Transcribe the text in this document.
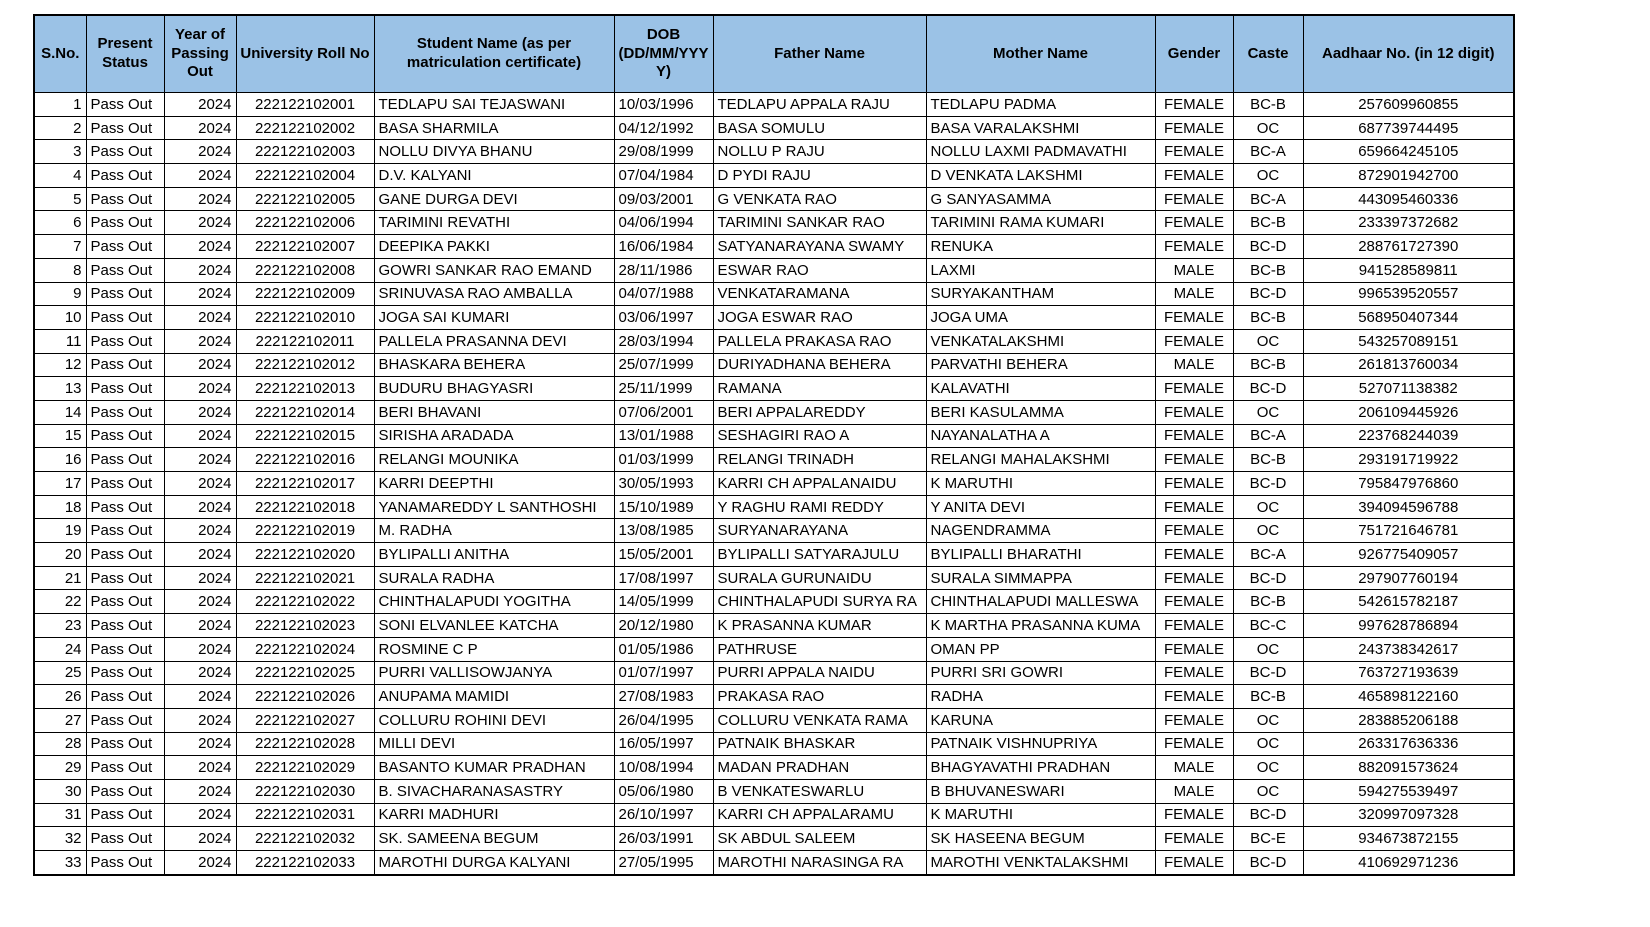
S.No.	Present Status	Year of Passing Out	University Roll No	Student Name (as per matriculation certificate)	DOB (DD/MM/YYYY)	Father Name	Mother Name	Gender	Caste	Aadhaar No. (in 12 digit)
1	Pass Out	2024	222122102001	TEDLAPU SAI TEJASWANI	10/03/1996	TEDLAPU APPALA RAJU	TEDLAPU PADMA	FEMALE	BC-B	257609960855
2	Pass Out	2024	222122102002	BASA SHARMILA	04/12/1992	BASA SOMULU	BASA VARALAKSHMI	FEMALE	OC	687739744495
3	Pass Out	2024	222122102003	NOLLU DIVYA BHANU	29/08/1999	NOLLU P RAJU	NOLLU LAXMI PADMAVATHI	FEMALE	BC-A	659664245105
4	Pass Out	2024	222122102004	D.V. KALYANI	07/04/1984	D PYDI RAJU	D VENKATA LAKSHMI	FEMALE	OC	872901942700
5	Pass Out	2024	222122102005	GANE DURGA DEVI	09/03/2001	G VENKATA RAO	G SANYASAMMA	FEMALE	BC-A	443095460336
6	Pass Out	2024	222122102006	TARIMINI REVATHI	04/06/1994	TARIMINI SANKAR RAO	TARIMINI RAMA KUMARI	FEMALE	BC-B	233397372682
7	Pass Out	2024	222122102007	DEEPIKA PAKKI	16/06/1984	SATYANARAYANA SWAMY	RENUKA	FEMALE	BC-D	288761727390
8	Pass Out	2024	222122102008	GOWRI SANKAR RAO EMAND	28/11/1986	ESWAR RAO	LAXMI	MALE	BC-B	941528589811
9	Pass Out	2024	222122102009	SRINUVASA RAO AMBALLA	04/07/1988	VENKATARAMANA	SURYAKANTHAM	MALE	BC-D	996539520557
10	Pass Out	2024	222122102010	JOGA SAI KUMARI	03/06/1997	JOGA ESWAR RAO	JOGA UMA	FEMALE	BC-B	568950407344
11	Pass Out	2024	222122102011	PALLELA PRASANNA DEVI	28/03/1994	PALLELA PRAKASA RAO	VENKATALAKSHMI	FEMALE	OC	543257089151
12	Pass Out	2024	222122102012	BHASKARA BEHERA	25/07/1999	DURIYADHANA BEHERA	PARVATHI BEHERA	MALE	BC-B	261813760034
13	Pass Out	2024	222122102013	BUDURU BHAGYASRI	25/11/1999	RAMANA	KALAVATHI	FEMALE	BC-D	527071138382
14	Pass Out	2024	222122102014	BERI BHAVANI	07/06/2001	BERI APPALAREDDY	BERI KASULAMMA	FEMALE	OC	206109445926
15	Pass Out	2024	222122102015	SIRISHA ARADADA	13/01/1988	SESHAGIRI RAO A	NAYANALATHA A	FEMALE	BC-A	223768244039
16	Pass Out	2024	222122102016	RELANGI MOUNIKA	01/03/1999	RELANGI TRINADH	RELANGI MAHALAKSHMI	FEMALE	BC-B	293191719922
17	Pass Out	2024	222122102017	KARRI DEEPTHI	30/05/1993	KARRI CH APPALANAIDU	K MARUTHI	FEMALE	BC-D	795847976860
18	Pass Out	2024	222122102018	YANAMAREDDY L SANTHOSHI	15/10/1989	Y RAGHU RAMI REDDY	Y ANITA DEVI	FEMALE	OC	394094596788
19	Pass Out	2024	222122102019	M. RADHA	13/08/1985	SURYANARAYANA	NAGENDRAMMA	FEMALE	OC	751721646781
20	Pass Out	2024	222122102020	BYLIPALLI ANITHA	15/05/2001	BYLIPALLI SATYARAJULU	BYLIPALLI BHARATHI	FEMALE	BC-A	926775409057
21	Pass Out	2024	222122102021	SURALA RADHA	17/08/1997	SURALA GURUNAIDU	SURALA SIMMAPPA	FEMALE	BC-D	297907760194
22	Pass Out	2024	222122102022	CHINTHALAPUDI YOGITHA	14/05/1999	CHINTHALAPUDI SURYA RA	CHINTHALAPUDI MALLESWA	FEMALE	BC-B	542615782187
23	Pass Out	2024	222122102023	SONI ELVANLEE KATCHA	20/12/1980	K PRASANNA KUMAR	K MARTHA PRASANNA KUMA	FEMALE	BC-C	997628786894
24	Pass Out	2024	222122102024	ROSMINE C P	01/05/1986	PATHRUSE	OMAN PP	FEMALE	OC	243738342617
25	Pass Out	2024	222122102025	PURRI VALLISOWJANYA	01/07/1997	PURRI APPALA NAIDU	PURRI SRI GOWRI	FEMALE	BC-D	763727193639
26	Pass Out	2024	222122102026	ANUPAMA MAMIDI	27/08/1983	PRAKASA RAO	RADHA	FEMALE	BC-B	465898122160
27	Pass Out	2024	222122102027	COLLURU ROHINI DEVI	26/04/1995	COLLURU VENKATA RAMA	KARUNA	FEMALE	OC	283885206188
28	Pass Out	2024	222122102028	MILLI DEVI	16/05/1997	PATNAIK BHASKAR	PATNAIK VISHNUPRIYA	FEMALE	OC	263317636336
29	Pass Out	2024	222122102029	BASANTO KUMAR PRADHAN	10/08/1994	MADAN PRADHAN	BHAGYAVATHI PRADHAN	MALE	OC	882091573624
30	Pass Out	2024	222122102030	B. SIVACHARANASASTRY	05/06/1980	B VENKATESWARLU	B BHUVANESWARI	MALE	OC	594275539497
31	Pass Out	2024	222122102031	KARRI MADHURI	26/10/1997	KARRI CH APPALARAMU	K MARUTHI	FEMALE	BC-D	320997097328
32	Pass Out	2024	222122102032	SK. SAMEENA BEGUM	26/03/1991	SK ABDUL SALEEM	SK HASEENA BEGUM	FEMALE	BC-E	934673872155
33	Pass Out	2024	222122102033	MAROTHI DURGA KALYANI	27/05/1995	MAROTHI NARASINGA RA	MAROTHI VENKTALAKSHMI	FEMALE	BC-D	410692971236
